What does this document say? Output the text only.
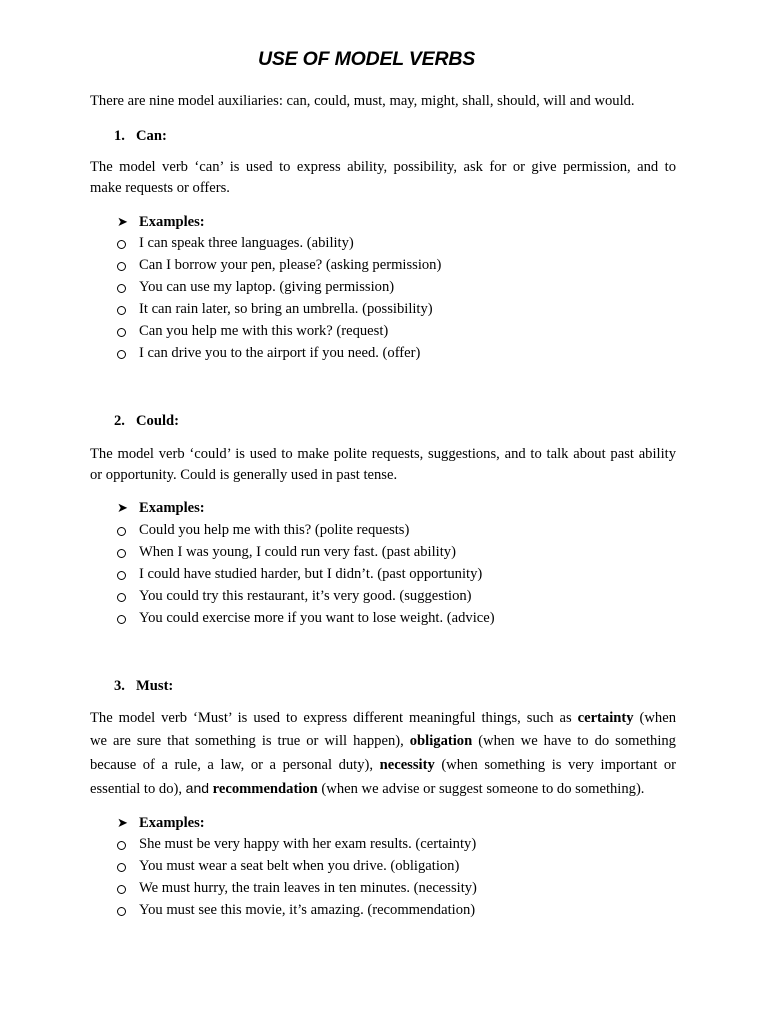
USE OF MODEL VERBS
There are nine model auxiliaries: can, could, must, may, might, shall, should, will and would.
1. Can:
The model verb ‘can’ is used to express ability, possibility, ask for or give permission, and to
make requests or offers.
➤ Examples:
I can speak three languages. (ability)
Can I borrow your pen, please? (asking permission)
You can use my laptop. (giving permission)
It can rain later, so bring an umbrella. (possibility)
Can you help me with this work? (request)
I can drive you to the airport if you need. (offer)
2. Could:
The model verb ‘could’ is used to make polite requests, suggestions, and to talk about past ability
or opportunity. Could is generally used in past tense.
➤ Examples:
Could you help me with this? (polite requests)
When I was young, I could run very fast. (past ability)
I could have studied harder, but I didn’t. (past opportunity)
You could try this restaurant, it’s very good. (suggestion)
You could exercise more if you want to lose weight. (advice)
3. Must:
The model verb ‘Must’ is used to express different meaningful things, such as certainty (when
we are sure that something is true or will happen), obligation (when we have to do something
because of a rule, a law, or a personal duty), necessity (when something is very important or
essential to do), and recommendation (when we advise or suggest someone to do something).
➤ Examples:
She must be very happy with her exam results. (certainty)
You must wear a seat belt when you drive. (obligation)
We must hurry, the train leaves in ten minutes. (necessity)
You must see this movie, it’s amazing. (recommendation)
